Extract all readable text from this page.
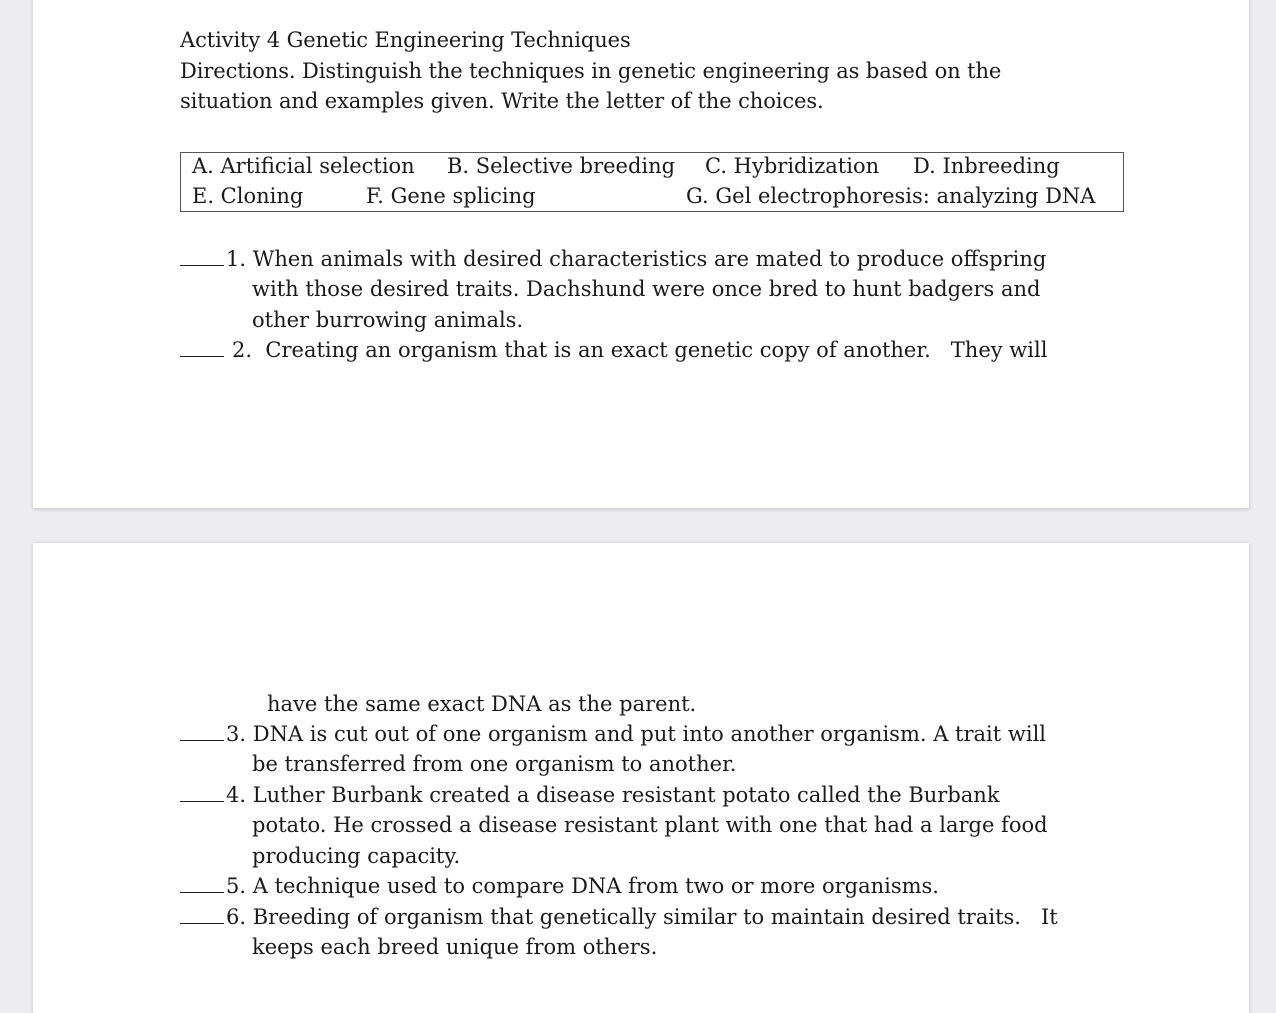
Activity 4 Genetic Engineering Techniques
Directions. Distinguish the techniques in genetic engineering as based on the
situation and examples given. Write the letter of the choices.
A. Artificial selection B. Selective breeding C. Hybridization D. Inbreeding
E. Cloning	F. Gene splicing	G. Gel electrophoresis: analyzing DNA
1. When animals with desired characteristics are mated to produce offspring
with those desired traits. Dachshund were once bred to hunt badgers and
other burrowing animals.
2. Creating an organism that is an exact genetic copy of another.   They will
have the same exact DNA as the parent.
3. DNA is cut out of one organism and put into another organism. A trait will
be transferred from one organism to another.
4. Luther Burbank created a disease resistant potato called the Burbank
potato. He crossed a disease resistant plant with one that had a large food
producing capacity.
5. A technique used to compare DNA from two or more organisms.
6. Breeding of organism that genetically similar to maintain desired traits.   It
keeps each breed unique from others.
